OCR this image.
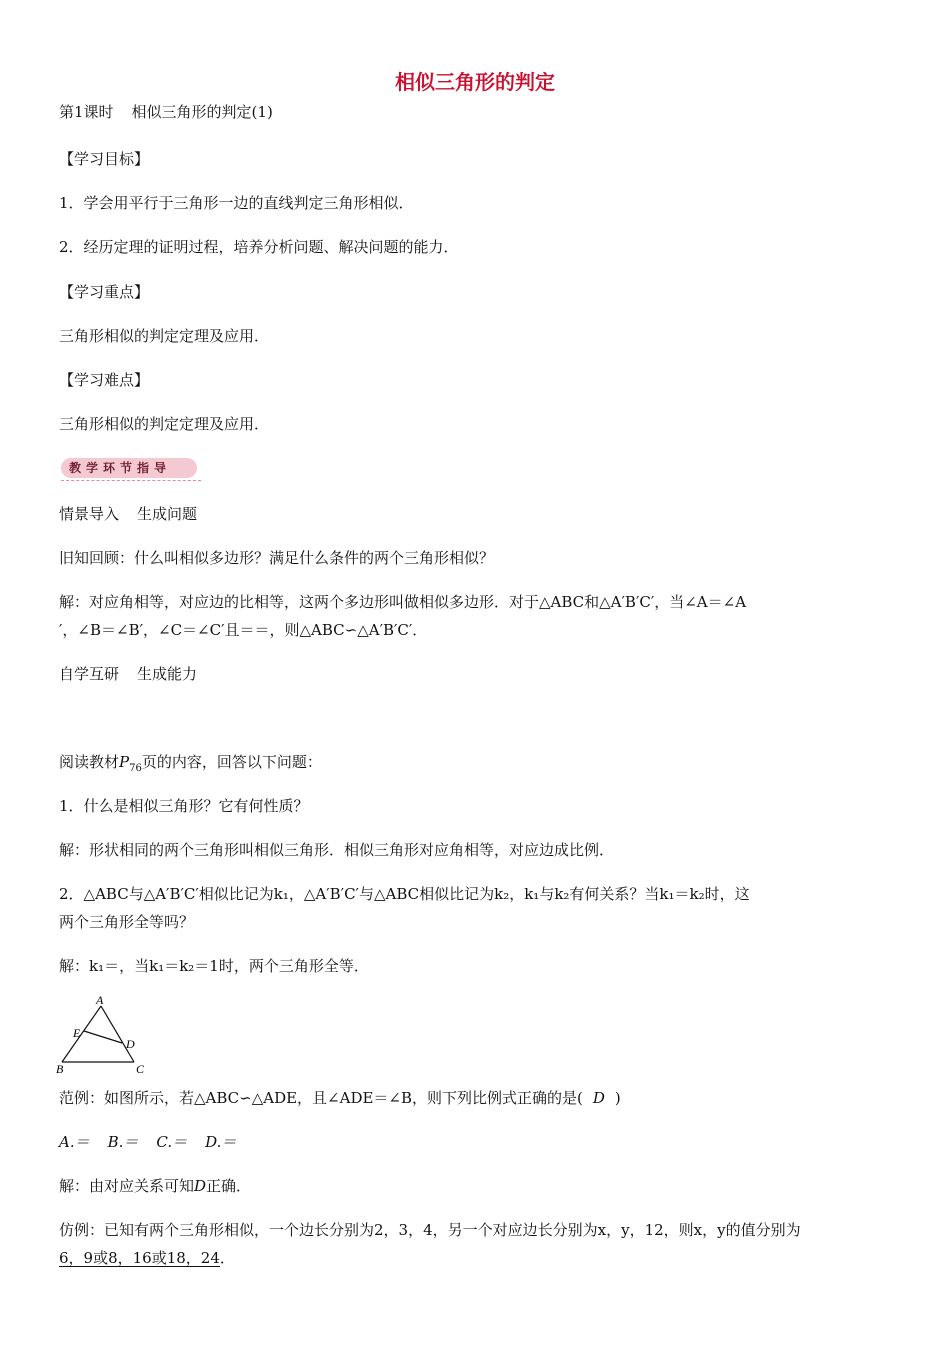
相似三角形的判定
第1课时 相似三角形的判定(1)
【学习目标】
1．学会用平行于三角形一边的直线判定三角形相似．
2．经历定理的证明过程，培养分析问题、解决问题的能力．
【学习重点】
三角形相似的判定定理及应用．
【学习难点】
三角形相似的判定定理及应用．
教学环节指导
情景导入 生成问题
旧知回顾：什么叫相似多边形？满足什么条件的两个三角形相似？
解：对应角相等，对应边的比相等，这两个多边形叫做相似多边形．对于△ABC和△A′B′C′，当∠A＝∠A
′，∠B＝∠B′，∠C＝∠C′且＝＝，则△ABC∽△A′B′C′．
自学互研 生成能力
阅读教材$P_{76}$页的内容，回答以下问题：
1．什么是相似三角形？它有何性质？
解：形状相同的两个三角形叫相似三角形．相似三角形对应角相等，对应边成比例．
2．△ABC与△A′B′C′相似比记为k₁，△A′B′C′与△ABC相似比记为k₂，k₁与k₂有何关系？当k₁＝k₂时，这
两个三角形全等吗？
解：k₁＝，当k₁＝k₂＝1时，两个三角形全等．
A
E
D
B	C
范例：如图所示，若△ABC∽△ADE，且∠ADE＝∠B，则下列比例式正确的是( D )
A.＝ B.＝ C.＝ D.＝
解：由对应关系可知D正确．
仿例：已知有两个三角形相似，一个边长分别为2，3，4，另一个对应边长分别为x，y，12，则x，y的值分别为
6，9或8，16或18，24．
